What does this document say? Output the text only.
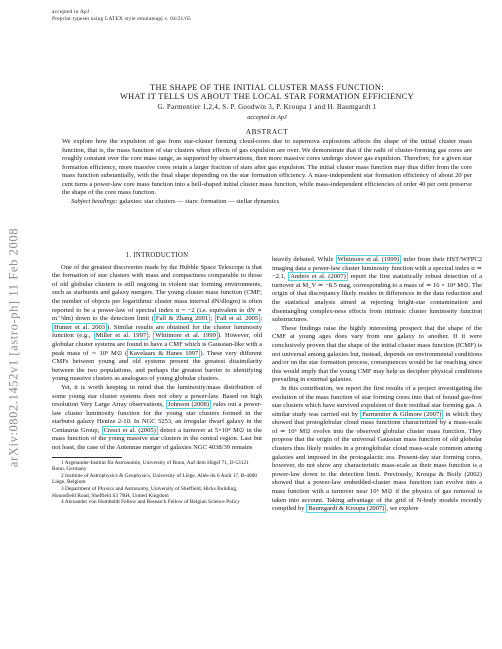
accepted in ApJ
Preprint typeset using LATEX style emulateapj v. 04/21/05
arXiv:0802.1452v1 [astro-ph] 11 Feb 2008
THE SHAPE OF THE INITIAL CLUSTER MASS FUNCTION:
WHAT IT TELLS US ABOUT THE LOCAL STAR FORMATION EFFICIENCY
G. Parmentier 1,2,4, S. P. Goodwin 3, P. Kroupa 1 and H. Baumgardt 1
accepted in ApJ
ABSTRACT
We explore how the expulsion of gas from star-cluster forming cloud-cores due to supernova explosions affects the shape of the initial cluster mass function, that is, the mass function of star clusters when effects of gas expulsion are over. We demonstrate that if the radii of cluster-forming gas cores are roughly constant over the core mass range, as supported by observations, then more massive cores undergo slower gas expulsion. Therefore, for a given star formation efficiency, more massive cores retain a larger fraction of stars after gas expulsion. The initial cluster mass function may thus differ from the core mass function substantially, with the final shape depending on the star formation efficiency. A mass-independent star formation efficiency of about 20 per cent turns a power-law core mass function into a bell-shaped initial cluster mass function, while mass-independent efficiencies of order 40 per cent preserve the shape of the core mass function.
Subject headings: galaxies: star clusters — stars: formation — stellar dynamics
1. INTRODUCTION

One of the greatest discoveries made by the Hubble Space Telescope is that the formation of star clusters with mass and compactness comparable to those of old globular clusters is still ongoing in violent star forming environments, such as starbursts and galaxy mergers. The young cluster mass function (CMF; the number of objects per logarithmic cluster mass interval dN/dlogm) is often reported to be a power-law of spectral index α = −2 (i.e. equivalent to dN ∝ m⁻²dm) down to the detection limit ( Fall & Zhang 2001 ; Fall et al. 2005 ; Hunter et al. 2003 ). Similar results are obtained for the cluster luminosity function (e.g., Miller et al. 1997 ; Whitmore et al. 1999 ). However, old globular cluster systems are found to have a CMF which is Gaussian-like with a peak mass of ∼ 10⁵ M⊙ ( Kavelaars & Hanes 1997 ). These very different CMFs between young and old systems present the greatest dissimilarity between the two populations, and perhaps the greatest barrier to identifying young massive clusters as analogues of young globular clusters.

Yet, it is worth keeping in mind that the luminosity/mass distribution of some young star cluster systems does not obey a power-law. Based on high resolution Very Large Array observations, Johnson (2008) rules out a power-law cluster luminosity function for the young star clusters formed in the starburst galaxy Henize 2-10. In NGC 5253, an irregular dwarf galaxy in the Centaurus Group, Cresci et al. (2005) detect a turnover at 5×10⁴ M⊙ in the mass function of the young massive star clusters in the central region. Last but not least, the case of the Antennae merger of galaxies NGC 4038/39 remains

1 Argelander-Institut für Astronomie, University of Bonn, Auf dem Hügel 71, D-53121 Bonn, Germany

2 Institute of Astrophysics & Geophysics, University of Liège, Allée du 6 Août 17, B-4000 Liège, Belgium

3 Department of Physics and Astronomy, University of Sheffield, Hicks Building, Hounsfield Road, Sheffield S3 7RH, United Kingdom

4 Alexander von Humboldt Fellow and Research Fellow of Belgian Science Policy

heavily debated. While Whitmore et al. (1999) infer from their HST/WFPC2 imaging data a power-law cluster luminosity function with a spectral index α ≃ −2.1, Anders et al. (2007) report the first statistically robust detection of a turnover at M_V ≃ −8.5 mag, corresponding to a mass of ≃ 16 × 10⁴ M⊙. The origin of that discrepancy likely resides in differences in the data reduction and the statistical analysis aimed at rejecting bright-star contamination and disentangling complex-ness effects from intrinsic cluster luminosity function substructures.

These findings raise the highly interesting prospect that the shape of the CMF at young ages does vary from one galaxy to another. If it were conclusively proven that the shape of the initial cluster mass function (ICMF) is not universal among galaxies but, instead, depends on environmental conditions and/or on the star formation process, consequences would be far reaching since this would imply that the young CMF may help us decipher physical conditions prevailing in external galaxies.

In this contribution, we report the first results of a project investigating the evolution of the mass function of star forming cores into that of bound gas-free star clusters which have survived expulsion of their residual star forming gas. A similar study was carried out by Parmentier & Gilmore (2007) in which they showed that protoglobular cloud mass functions characterized by a mass-scale of ≃ 10⁶ M⊙ evolve into the observed globular cluster mass function. They propose that the origin of the universal Gaussian mass function of old globular clusters thus likely resides in a protoglobular cloud mass-scale common among galaxies and imposed in the protogalactic era. Present-day star forming cores, however, do not show any characteristic mass-scale as their mass function is a power-law down to the detection limit. Previously, Kroupa & Boily (2002) showed that a power-law embedded-cluster mass function can evolve into a mass function with a turnover near 10⁵ M⊙ if the physics of gas removal is taken into account. Taking advantage of the grid of N-body models recently compiled by Baumgardt & Kroupa (2007) , we explore
